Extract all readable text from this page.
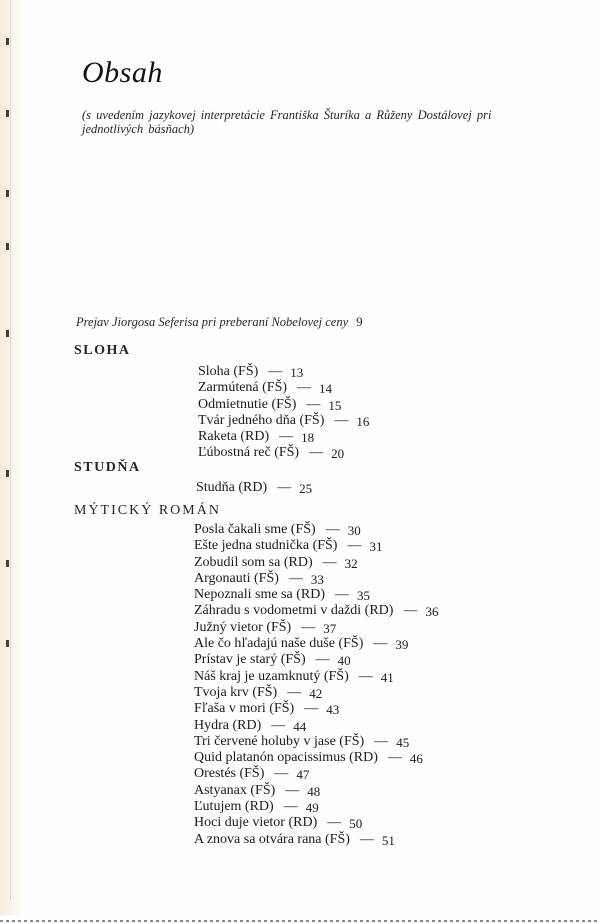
Obsah
(s uvedením jazykovej interpretácie Františka Šturíka a Růženy Dostálovej pri jednotlivých básňach)
Prejav Jiorgosa Seferisa pri preberaní Nobelovej ceny 9
SLOHA
Sloha (FŠ) — 13
Zarmútená (FŠ) — 14
Odmietnutie (FŠ) — 15
Tvár jedného dňa (FŠ) — 16
Raketa (RD) — 18
Ľúbostná reč (FŠ) — 20
STUDŇA
Studňa (RD) — 25
MÝTICKÝ ROMÁN
Posla čakali sme (FŠ) — 30
Ešte jedna studnička (FŠ) — 31
Zobudil som sa (RD) — 32
Argonauti (FŠ) — 33
Nepoznali sme sa (RD) — 35
Záhradu s vodometmi v daždi (RD) — 36
Južný vietor (FŠ) — 37
Ale čo hľadajú naše duše (FŠ) — 39
Prístav je starý (FŠ) — 40
Náš kraj je uzamknutý (FŠ) — 41
Tvoja krv (FŠ) — 42
Fľaša v mori (FŠ) — 43
Hydra (RD) — 44
Tri červené holuby v jase (FŠ) — 45
Quid platanón opacissimus (RD) — 46
Orestés (FŠ) — 47
Astyanax (FŠ) — 48
Ľutujem (RD) — 49
Hoci duje vietor (RD) — 50
A znova sa otvára rana (FŠ) — 51
